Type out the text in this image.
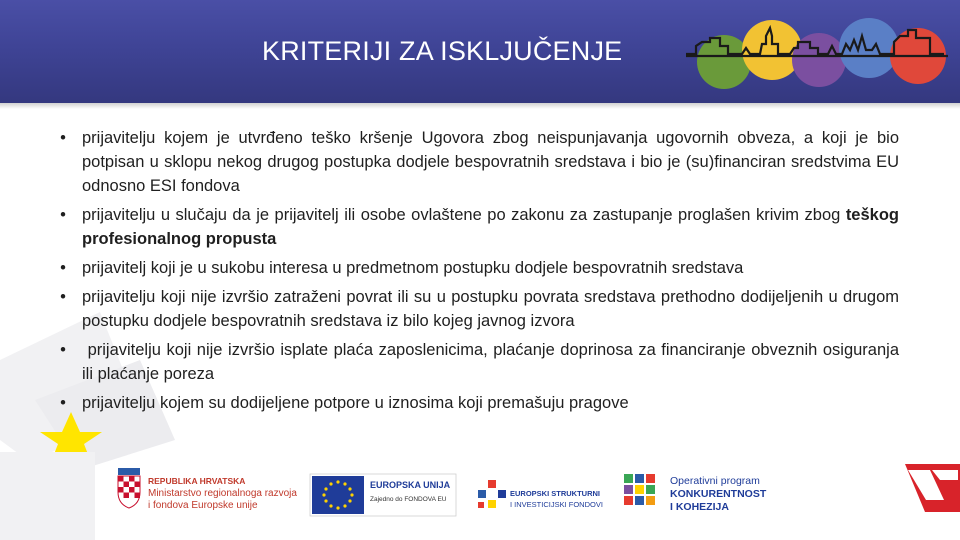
KRITERIJI ZA ISKLJUČENJE
• prijavitelju kojem je utvrđeno teško kršenje Ugovora zbog neispunjavanja ugovornih obveza, a koji je bio potpisan u sklopu nekog drugog postupka dodjele bespovratnih sredstava i bio je (su)financiran sredstvima EU odnosno ESI fondova
• prijavitelju u slučaju da je prijavitelj ili osobe ovlaštene po zakonu za zastupanje proglašen krivim zbog teškog profesionalnog propusta
• prijavitelj koji je u sukobu interesa u predmetnom postupku dodjele bespovratnih sredstava
• prijavitelju koji nije izvršio zatraženi povrat ili su u postupku povrata sredstava prethodno dodijeljenih u drugom postupku dodjele bespovratnih sredstava iz bilo kojeg javnog izvora
• prijavitelju koji nije izvršio isplate plaća zaposlenicima, plaćanje doprinosa za financiranje obveznih osiguranja ili plaćanje poreza
• prijavitelju kojem su dodijeljene potpore u iznosima koji premašuju pragove
REPUBLIKA HRVATSKA
Ministarstvo regionalnoga razvoja
i fondova Europske unije
EUROPSKA UNIJA
Zajedno do FONDOVA EU
EUROPSKI STRUKTURNI
I INVESTICIJSKI FONDOVI
Operativni program
KONKURENTNOST
I KOHEZIJA
